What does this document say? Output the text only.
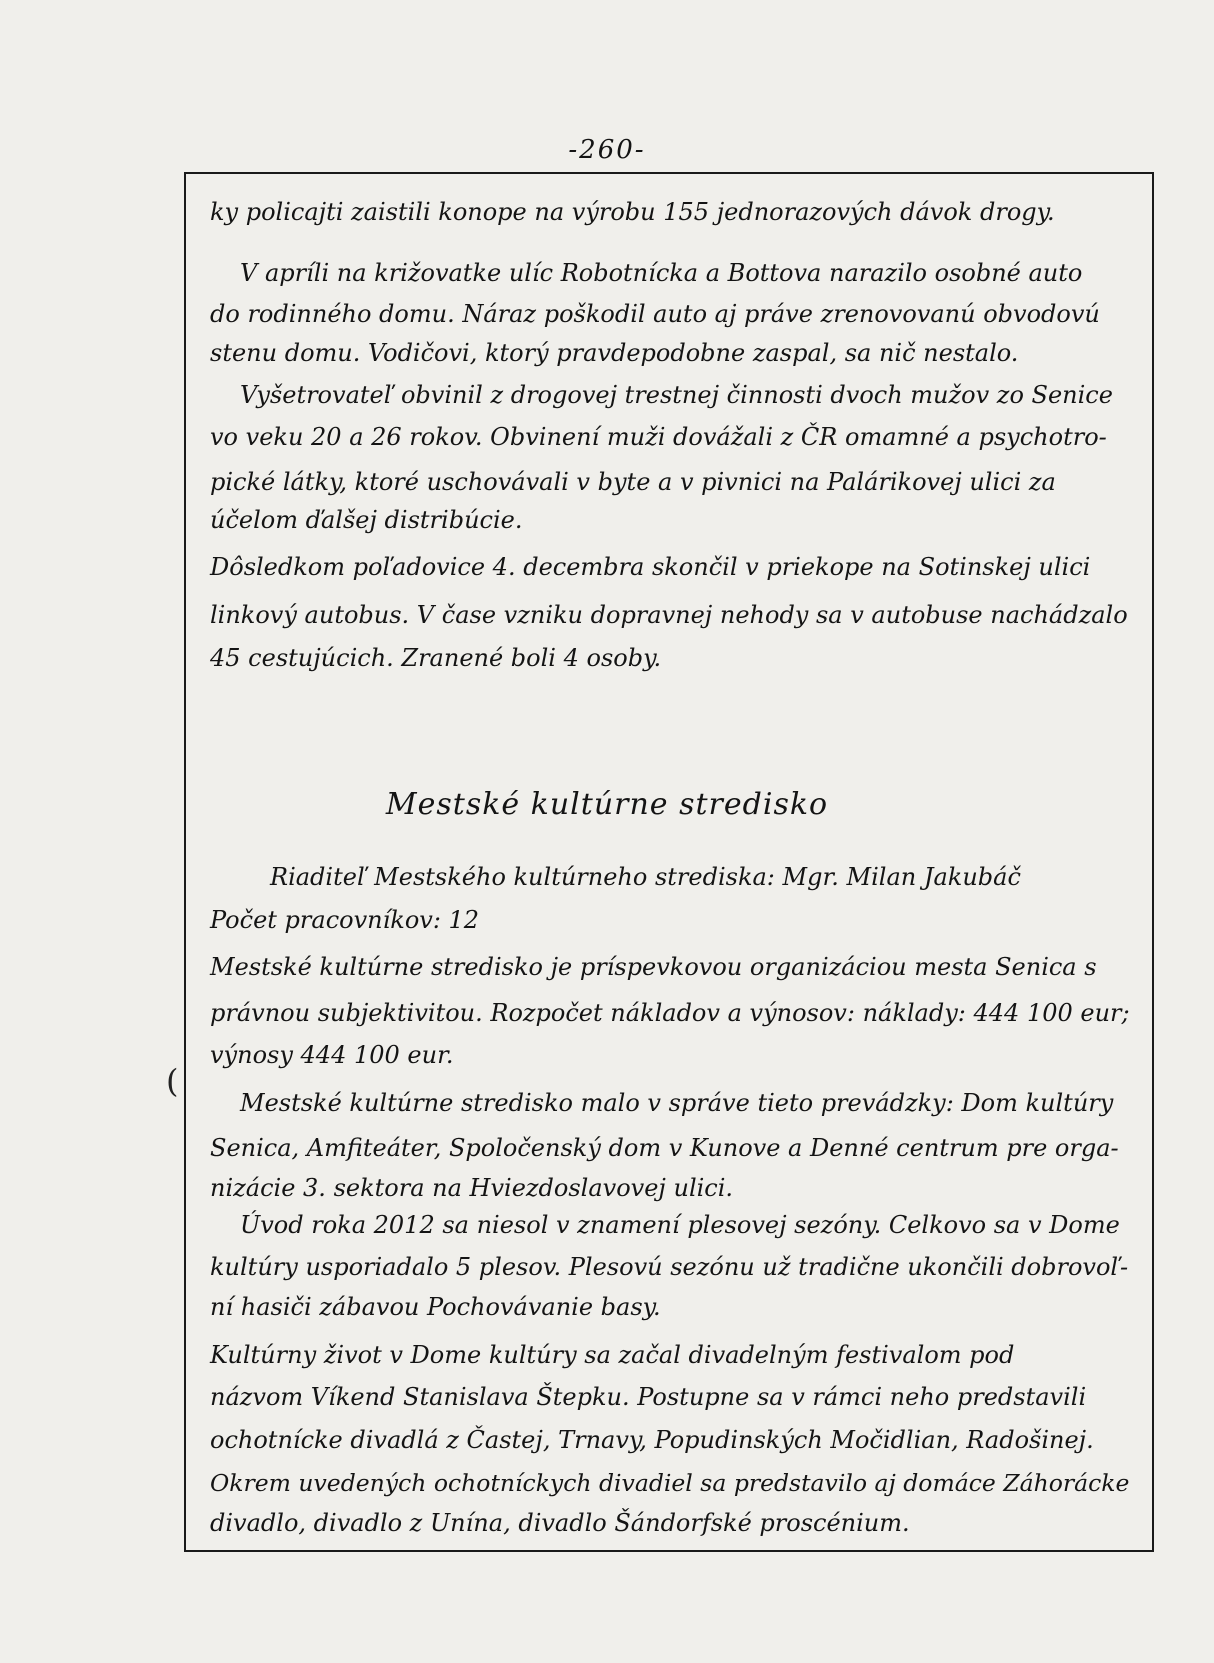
-260-
(
ky policajti zaistili konope na výrobu 155 jednorazových dávok drogy.
V apríli na križovatke ulíc Robotnícka a Bottova narazilo osobné auto
do rodinného domu. Náraz poškodil auto aj práve zrenovovanú obvodovú
stenu domu. Vodičovi, ktorý pravdepodobne zaspal, sa nič nestalo.
Vyšetrovateľ obvinil z drogovej trestnej činnosti dvoch mužov zo Senice
vo veku 20 a 26 rokov. Obvinení muži dovážali z ČR omamné a psychotro-
pické látky, ktoré uschovávali v byte a v pivnici na Palárikovej ulici za
účelom ďalšej distribúcie.
Dôsledkom poľadovice 4. decembra skončil v priekope na Sotinskej ulici
linkový autobus. V čase vzniku dopravnej nehody sa v autobuse nachádzalo
45 cestujúcich. Zranené boli 4 osoby.
Mestské kultúrne stredisko
Riaditeľ Mestského kultúrneho strediska: Mgr. Milan Jakubáč
Počet pracovníkov: 12
Mestské kultúrne stredisko je príspevkovou organizáciou mesta Senica s
právnou subjektivitou. Rozpočet nákladov a výnosov: náklady: 444 100 eur;
výnosy 444 100 eur.
Mestské kultúrne stredisko malo v správe tieto prevádzky: Dom kultúry
Senica, Amfiteáter, Spoločenský dom v Kunove a Denné centrum pre orga-
nizácie 3. sektora na Hviezdoslavovej ulici.
Úvod roka 2012 sa niesol v znamení plesovej sezóny. Celkovo sa v Dome
kultúry usporiadalo 5 plesov. Plesovú sezónu už tradične ukončili dobrovoľ-
ní hasiči zábavou Pochovávanie basy.
Kultúrny život v Dome kultúry sa začal divadelným festivalom pod
názvom Víkend Stanislava Štepku. Postupne sa v rámci neho predstavili
ochotnícke divadlá z Častej, Trnavy, Popudinských Močidlian, Radošinej.
Okrem uvedených ochotníckych divadiel sa predstavilo aj domáce Záhorácke
divadlo, divadlo z Unína, divadlo Šándorfské proscénium.
